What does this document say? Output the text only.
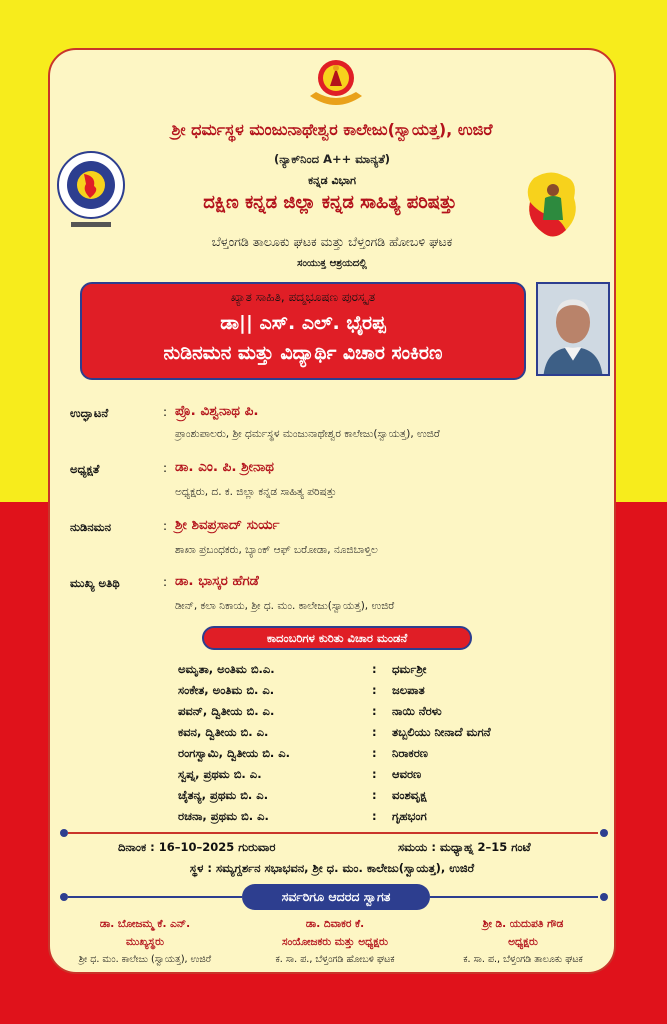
ಶ್ರೀ ಧರ್ಮಸ್ಥಳ ಮಂಜುನಾಥೇಶ್ವರ ಕಾಲೇಜು(ಸ್ವಾಯತ್ತ), ಉಜಿರೆ
(ನ್ಯಾಕ್‌ನಿಂದ A++ ಮಾನ್ಯತೆ)
ಕನ್ನಡ ವಿಭಾಗ
ದಕ್ಷಿಣ ಕನ್ನಡ ಜಿಲ್ಲಾ ಕನ್ನಡ ಸಾಹಿತ್ಯ ಪರಿಷತ್ತು
ಬೆಳ್ತಂಗಡಿ ತಾಲೂಕು ಘಟಕ ಮತ್ತು ಬೆಳ್ತಂಗಡಿ ಹೋಬಳಿ ಘಟಕ
ಸಂಯುಕ್ತ ಆಶ್ರಯದಲ್ಲಿ
ಖ್ಯಾತ ಸಾಹಿತಿ, ಪದ್ಮಭೂಷಣ ಪುರಸ್ಕೃತ
ಡಾ|| ಎಸ್. ಎಲ್. ಭೈರಪ್ಪ
ನುಡಿನಮನ ಮತ್ತು ವಿದ್ಯಾರ್ಥಿ ವಿಚಾರ ಸಂಕಿರಣ
ಉದ್ಘಾಟನೆ	: ಪ್ರೊ. ವಿಶ್ವನಾಥ ಪಿ.
ಪ್ರಾಂಶುಪಾಲರು, ಶ್ರೀ ಧರ್ಮಸ್ಥಳ ಮಂಜುನಾಥೇಶ್ವರ ಕಾಲೇಜು(ಸ್ವಾಯತ್ತ), ಉಜಿರೆ
ಅಧ್ಯಕ್ಷತೆ	: ಡಾ. ಎಂ. ಪಿ. ಶ್ರೀನಾಥ
ಅಧ್ಯಕ್ಷರು, ದ. ಕ. ಜಿಲ್ಲಾ ಕನ್ನಡ ಸಾಹಿತ್ಯ ಪರಿಷತ್ತು
ನುಡಿನಮನ	: ಶ್ರೀ ಶಿವಪ್ರಸಾದ್ ಸುರ್ಯ
ಶಾಖಾ ಪ್ರಬಂಧಕರು, ಬ್ಯಾಂಕ್ ಆಫ್ ಬರೋಡಾ, ನೂಜಿಬಾಳ್ತಿಲ
ಮುಖ್ಯ ಅತಿಥಿ	: ಡಾ. ಭಾಸ್ಕರ ಹೆಗಡೆ
ಡೀನ್, ಕಲಾ ನಿಕಾಯ, ಶ್ರೀ ಧ. ಮಂ. ಕಾಲೇಜು(ಸ್ವಾಯತ್ತ), ಉಜಿರೆ
ಕಾದಂಬರಿಗಳ ಕುರಿತು ವಿಚಾರ ಮಂಡನೆ
ಅಮೃತಾ, ಅಂತಿಮ ಬಿ.ಎ.	: ಧರ್ಮಶ್ರೀ
ಸಂಕೇತ, ಅಂತಿಮ ಬಿ. ಎ.	: ಜಲಪಾತ
ಪವನ್, ದ್ವಿತೀಯ ಬಿ. ಎ.	: ನಾಯಿ ನೆರಳು
ಕವನ, ದ್ವಿತೀಯ ಬಿ. ಎ.	: ತಬ್ಬಲಿಯು ನೀನಾದೆ ಮಗನೆ
ರಂಗಸ್ವಾಮಿ, ದ್ವಿತೀಯ ಬಿ. ಎ.	: ನಿರಾಕರಣ
ಸ್ವಪ್ನ, ಪ್ರಥಮ ಬಿ. ಎ.	: ಆವರಣ
ಚೈತನ್ಯ, ಪ್ರಥಮ ಬಿ. ಎ.	: ವಂಶವೃಕ್ಷ
ರಚನಾ, ಪ್ರಥಮ ಬಿ. ಎ.	: ಗೃಹಭಂಗ
ದಿನಾಂಕ : 16–10–2025 ಗುರುವಾರ	ಸಮಯ : ಮಧ್ಯಾಹ್ನ 2–15 ಗಂಟೆ
ಸ್ಥಳ : ಸಮ್ಯಗ್ದರ್ಶನ ಸಭಾಭವನ, ಶ್ರೀ ಧ. ಮಂ. ಕಾಲೇಜು(ಸ್ವಾಯತ್ತ), ಉಜಿರೆ
ಸರ್ವರಿಗೂ ಆದರದ ಸ್ವಾಗತ
ಡಾ. ಬೋಜಮ್ಮ ಕೆ. ಎನ್.
ಮುಖ್ಯಸ್ಥರು
ಶ್ರೀ ಧ. ಮಂ. ಕಾಲೇಜು (ಸ್ವಾಯತ್ತ), ಉಜಿರೆ
ಡಾ. ದಿವಾಕರ ಕೆ.
ಸಂಯೋಜಕರು ಮತ್ತು ಅಧ್ಯಕ್ಷರು
ಕ. ಸಾ. ಪ., ಬೆಳ್ತಂಗಡಿ ಹೋಬಳಿ ಘಟಕ
ಶ್ರೀ ಡಿ. ಯದುಪತಿ ಗೌಡ
ಅಧ್ಯಕ್ಷರು
ಕ. ಸಾ. ಪ., ಬೆಳ್ತಂಗಡಿ ತಾಲೂಕು ಘಟಕ
